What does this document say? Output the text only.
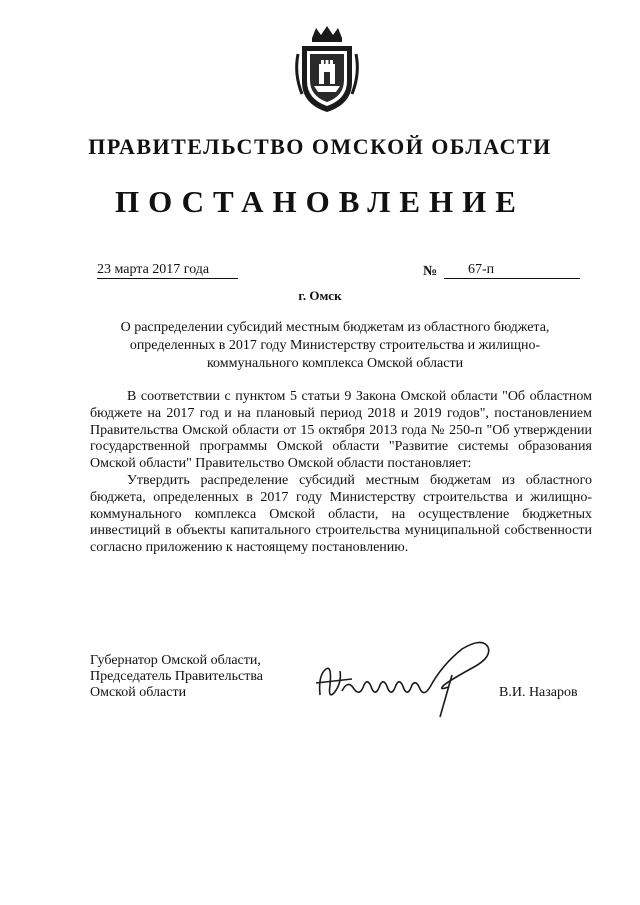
ПРАВИТЕЛЬСТВО ОМСКОЙ ОБЛАСТИ
ПОСТАНОВЛЕНИЕ
23 марта 2017 года	№ 67-п

г. Омск
О распределении субсидий местным бюджетам из областного бюджета, определенных в 2017 году Министерству строительства и жилищно-коммунального комплекса Омской области

В соответствии с пунктом 5 статьи 9 Закона Омской области "Об областном бюджете на 2017 год и на плановый период 2018 и 2019 годов", постановлением Правительства Омской области от 15 октября 2013 года № 250-п "Об утверждении государственной программы Омской области "Развитие системы образования Омской области" Правительство Омской области постановляет:

Утвердить распределение субсидий местным бюджетам из областного бюджета, определенных в 2017 году Министерству строительства и жилищно-коммунального комплекса Омской области, на осуществление бюджетных инвестиций в объекты капитального строительства муниципальной собственности согласно приложению к настоящему постановлению.

Губернатор Омской области,
Председатель Правительства
Омской области	В.И. Назаров
